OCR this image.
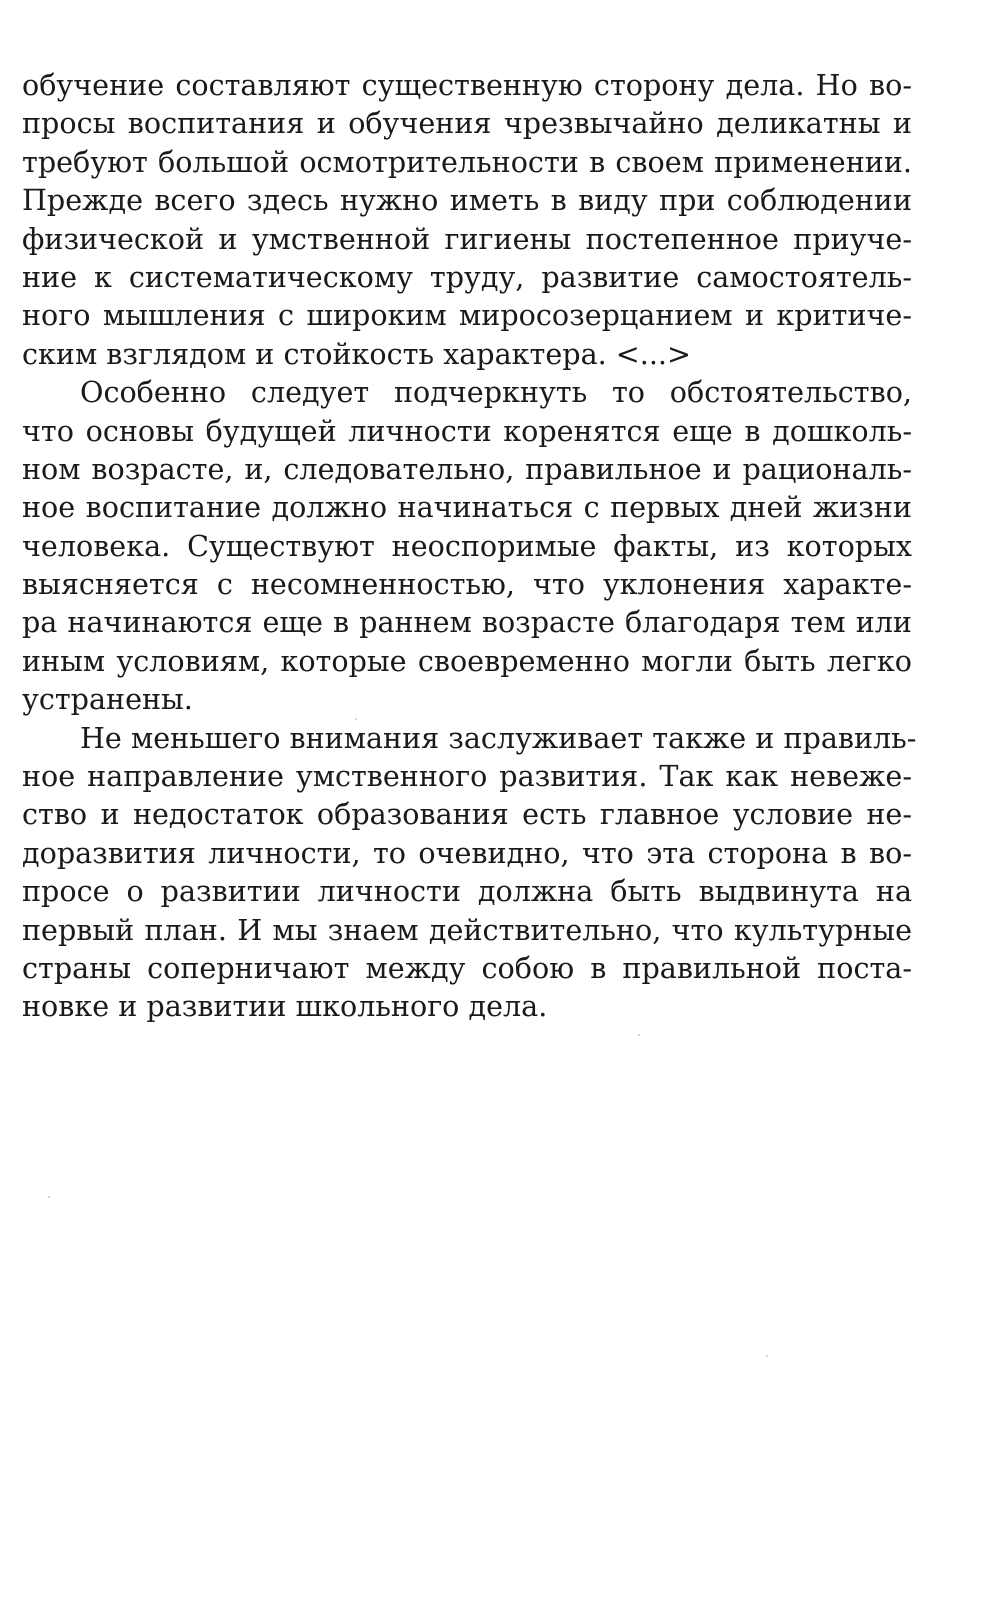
обучение составляют существенную сторону дела. Но во-
просы воспитания и обучения чрезвычайно деликатны и
требуют большой осмотрительности в своем применении.
Прежде всего здесь нужно иметь в виду при соблюдении
физической и умственной гигиены постепенное приуче-
ние к систематическому труду, развитие самостоятель-
ного мышления с широким миросозерцанием и критиче-
ским взглядом и стойкость характера. <...>
Особенно следует подчеркнуть то обстоятельство,
что основы будущей личности коренятся еще в дошколь-
ном возрасте, и, следовательно, правильное и рациональ-
ное воспитание должно начинаться с первых дней жизни
человека. Существуют неоспоримые факты, из которых
выясняется с несомненностью, что уклонения характе-
ра начинаются еще в раннем возрасте благодаря тем или
иным условиям, которые своевременно могли быть легко
устранены.
Не меньшего внимания заслуживает также и правиль-
ное направление умственного развития. Так как невеже-
ство и недостаток образования есть главное условие не-
доразвития личности, то очевидно, что эта сторона в во-
просе о развитии личности должна быть выдвинута на
первый план. И мы знаем действительно, что культурные
страны соперничают между собою в правильной поста-
новке и развитии школьного дела.
